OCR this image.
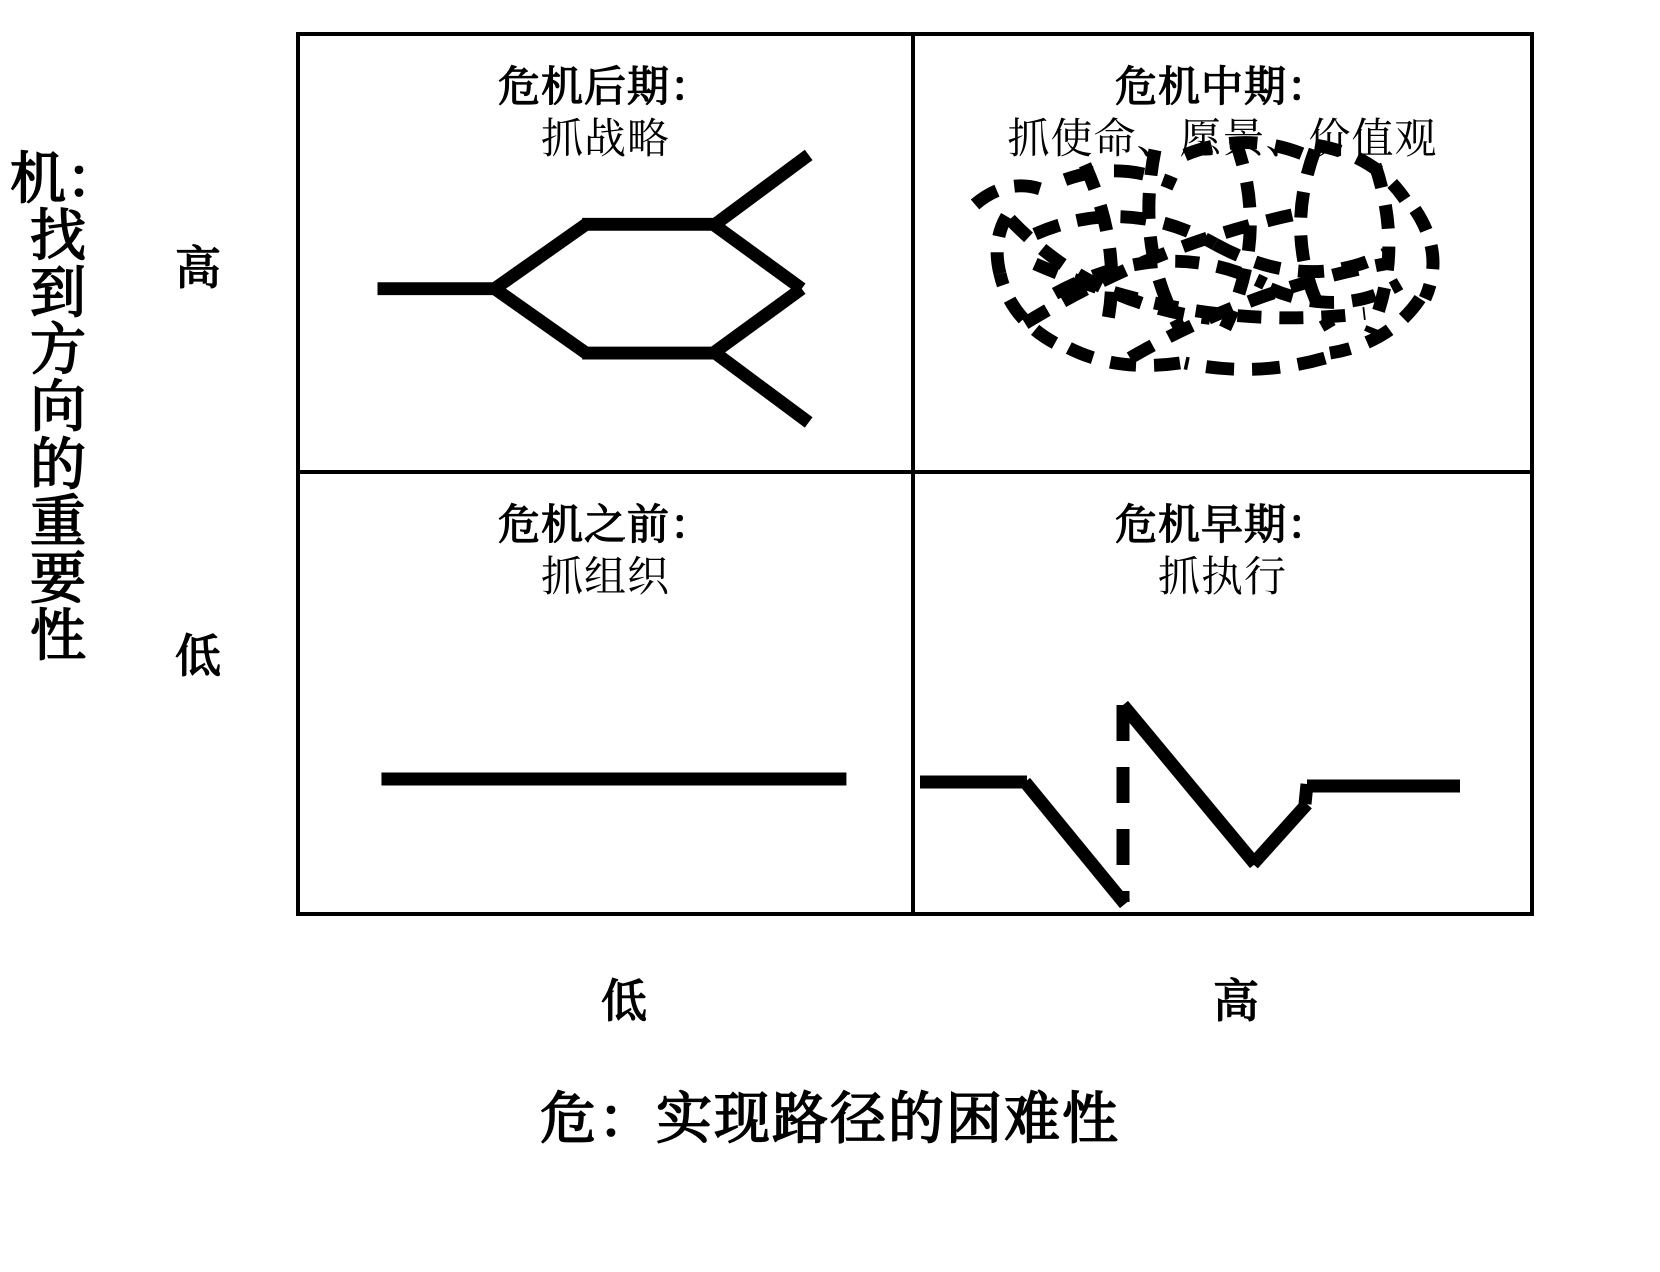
机：找到方向的重要性
高
低
危机后期：
抓战略
危机中期：
抓使命、愿景、价值观
危机之前：
抓组织
危机早期：
抓执行
低	高
危：实现路径的困难性
